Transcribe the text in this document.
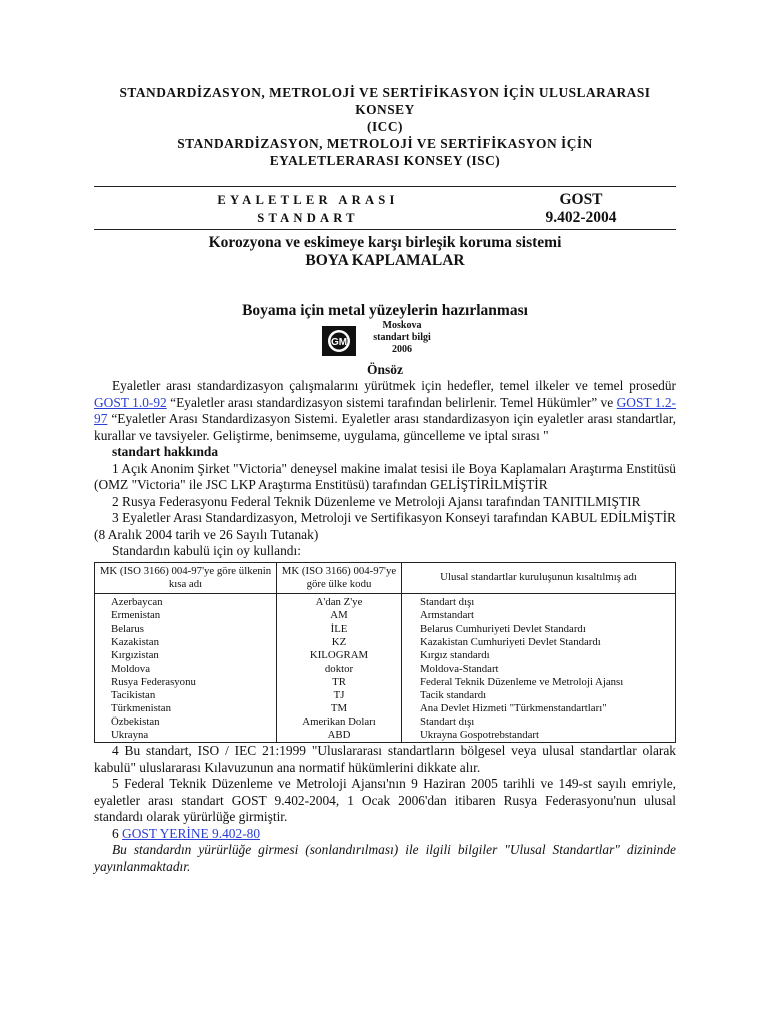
STANDARDİZASYON, METROLOJİ VE SERTİFİKASYON İÇİN ULUSLARARASI
KONSEY
(ICC)
STANDARDİZASYON, METROLOJİ VE SERTİFİKASYON İÇİN
EYALETLERARASI KONSEY (ISC)
EYALETLER ARASI
STANDART
GOST
9.402-2004
Korozyona ve eskimeye karşı birleşik koruma sistemi
BOYA KAPLAMALAR
Boyama için metal yüzeylerin hazırlanması
GM
Moskova
standart bilgi
2006
Önsöz

Eyaletler arası standardizasyon çalışmalarını yürütmek için hedefler, temel ilkeler ve temel prosedür GOST 1.0-92 “Eyaletler arası standardizasyon sistemi tarafından belirlenir. Temel Hükümler” ve GOST 1.2-97 “Eyaletler Arası Standardizasyon Sistemi. Eyaletler arası standardizasyon için eyaletler arası standartlar, kurallar ve tavsiyeler. Geliştirme, benimseme, uygulama, güncelleme ve iptal sırası "

standart hakkında

1 Açık Anonim Şirket "Victoria" deneysel makine imalat tesisi ile Boya Kaplamaları Araştırma Enstitüsü (OMZ "Victoria" ile JSC LKP Araştırma Enstitüsü) tarafından GELİŞTİRİLMİŞTİR

2 Rusya Federasyonu Federal Teknik Düzenleme ve Metroloji Ajansı tarafından TANITILMIŞTIR

3 Eyaletler Arası Standardizasyon, Metroloji ve Sertifikasyon Konseyi tarafından KABUL EDİLMİŞTİR (8 Aralık 2004 tarih ve 26 Sayılı Tutanak)

Standardın kabulü için oy kullandı:

MK (ISO 3166) 004-97'ye göre ülkenin kısa adı	MK (ISO 3166) 004-97'ye göre ülke kodu	Ulusal standartlar kuruluşunun kısaltılmış adı
Azerbaycan	A'dan Z'ye	Standart dışı
Ermenistan	AM	Armstandart
Belarus	İLE	Belarus Cumhuriyeti Devlet Standardı
Kazakistan	KZ	Kazakistan Cumhuriyeti Devlet Standardı
Kırgızistan	KILOGRAM	Kırgız standardı
Moldova	doktor	Moldova-Standart
Rusya Federasyonu	TR	Federal Teknik Düzenleme ve Metroloji Ajansı
Tacikistan	TJ	Tacik standardı
Türkmenistan	TM	Ana Devlet Hizmeti "Türkmenstandartları"
Özbekistan	Amerikan Doları	Standart dışı
Ukrayna	ABD	Ukrayna Gospotrebstandart

4 Bu standart, ISO / IEC 21:1999 "Uluslararası standartların bölgesel veya ulusal standartlar olarak kabulü" uluslararası Kılavuzunun ana normatif hükümlerini dikkate alır.

5 Federal Teknik Düzenleme ve Metroloji Ajansı'nın 9 Haziran 2005 tarihli ve 149-st sayılı emriyle, eyaletler arası standart GOST 9.402-2004, 1 Ocak 2006'dan itibaren Rusya Federasyonu'nun ulusal standardı olarak yürürlüğe girmiştir.

6 GOST YERİNE 9.402-80

Bu standardın yürürlüğe girmesi (sonlandırılması) ile ilgili bilgiler "Ulusal Standartlar" dizininde yayınlanmaktadır.
